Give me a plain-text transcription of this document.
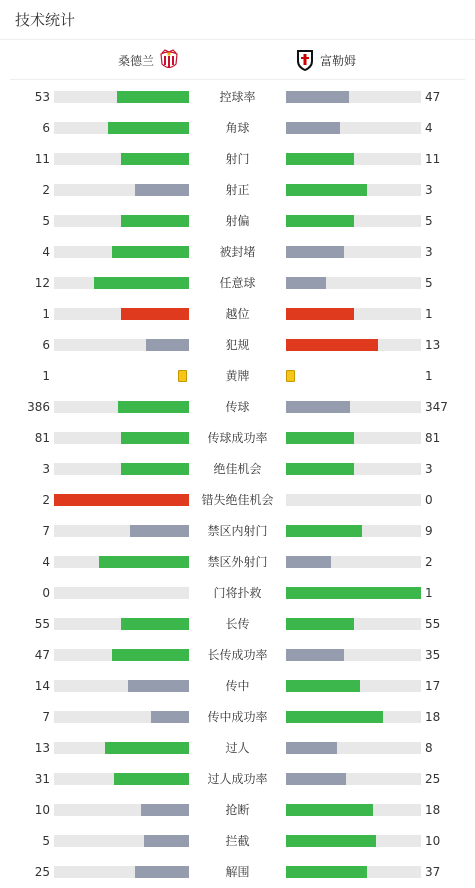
技术统计
桑德兰	富勒姆
53	控球率	47
6	角球	4
11	射门	11
2	射正	3
5	射偏	5
4	被封堵	3
12	任意球	5
1	越位	1
6	犯规	13
1	黄牌	1
386	传球	347
81	传球成功率	81
3	绝佳机会	3
2	错失绝佳机会	0
7	禁区内射门	9
4	禁区外射门	2
0	门将扑救	1
55	长传	55
47	长传成功率	35
14	传中	17
7	传中成功率	18
13	过人	8
31	过人成功率	25
10	抢断	18
5	拦截	10
25	解围	37
